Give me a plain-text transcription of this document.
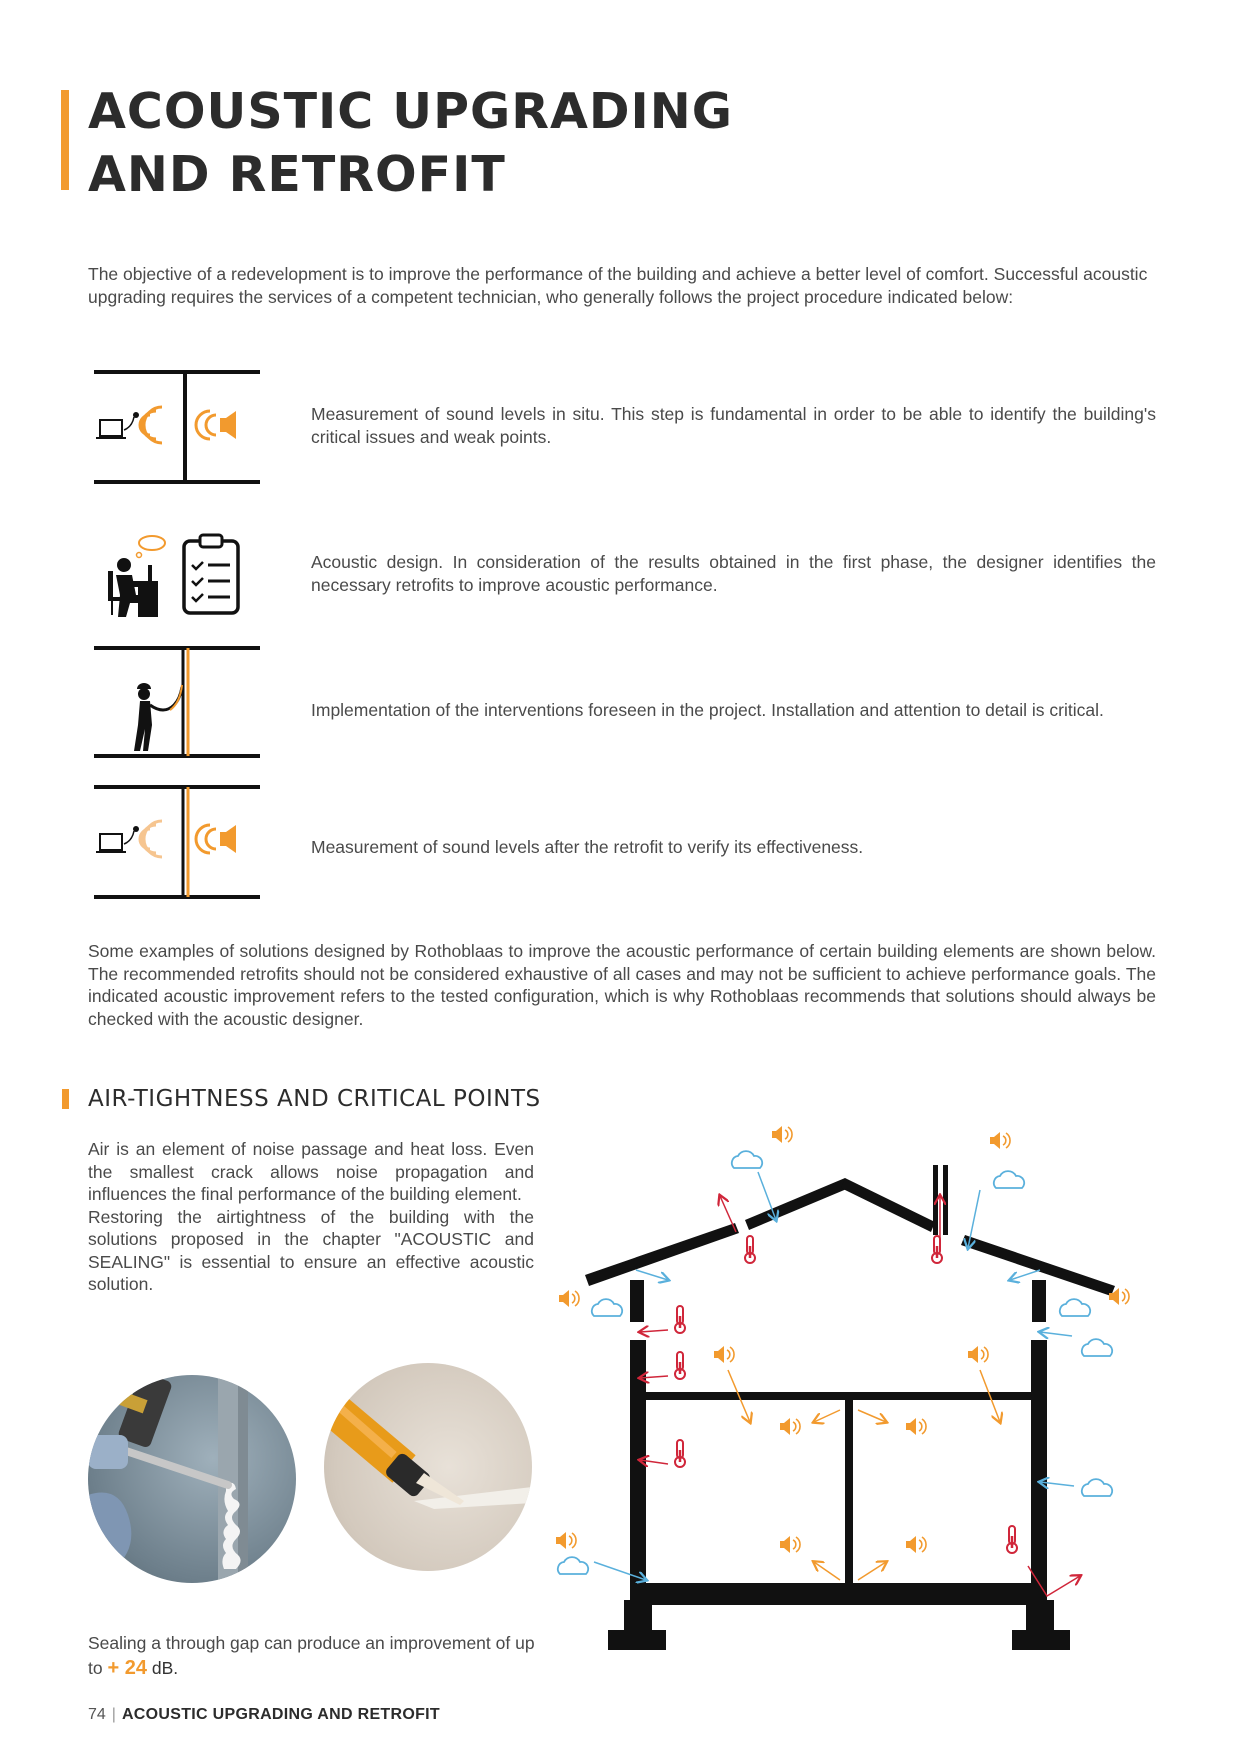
ACOUSTIC UPGRADING
AND RETROFIT

The objective of a redevelopment is to improve the performance of the building and achieve a better level of comfort. Successful acoustic upgrading requires the services of a competent technician, who generally follows the project procedure indicated below:

Measurement of sound levels in situ. This step is fundamental in order to be able to identify the building's critical issues and weak points.

Acoustic design. In consideration of the results obtained in the first phase, the designer identifies the necessary retrofits to improve acoustic performance.

Implementation of the interventions foreseen in the project. Installation and attention to detail is critical.

Measurement of sound levels after the retrofit to verify its effectiveness.

Some examples of solutions designed by Rothoblaas to improve the acoustic performance of certain building elements are shown below. The recommended retrofits should not be considered exhaustive of all cases and may not be sufficient to achieve performance goals. The indicated acoustic improvement refers to the tested configuration, which is why Rothoblaas recommends that solutions should always be checked with the acoustic designer.

AIR-TIGHTNESS AND CRITICAL POINTS

Air is an element of noise passage and heat loss. Even the smallest crack allows noise propagation and influences the final performance of the building element.

Restoring the airtightness of the building with the solutions proposed in the chapter "ACOUSTIC and SEALING" is essential to ensure an effective acoustic solution.

Sealing a through gap can produce an improvement of up to + 24 dB.

74 | ACOUSTIC UPGRADING AND RETROFIT
